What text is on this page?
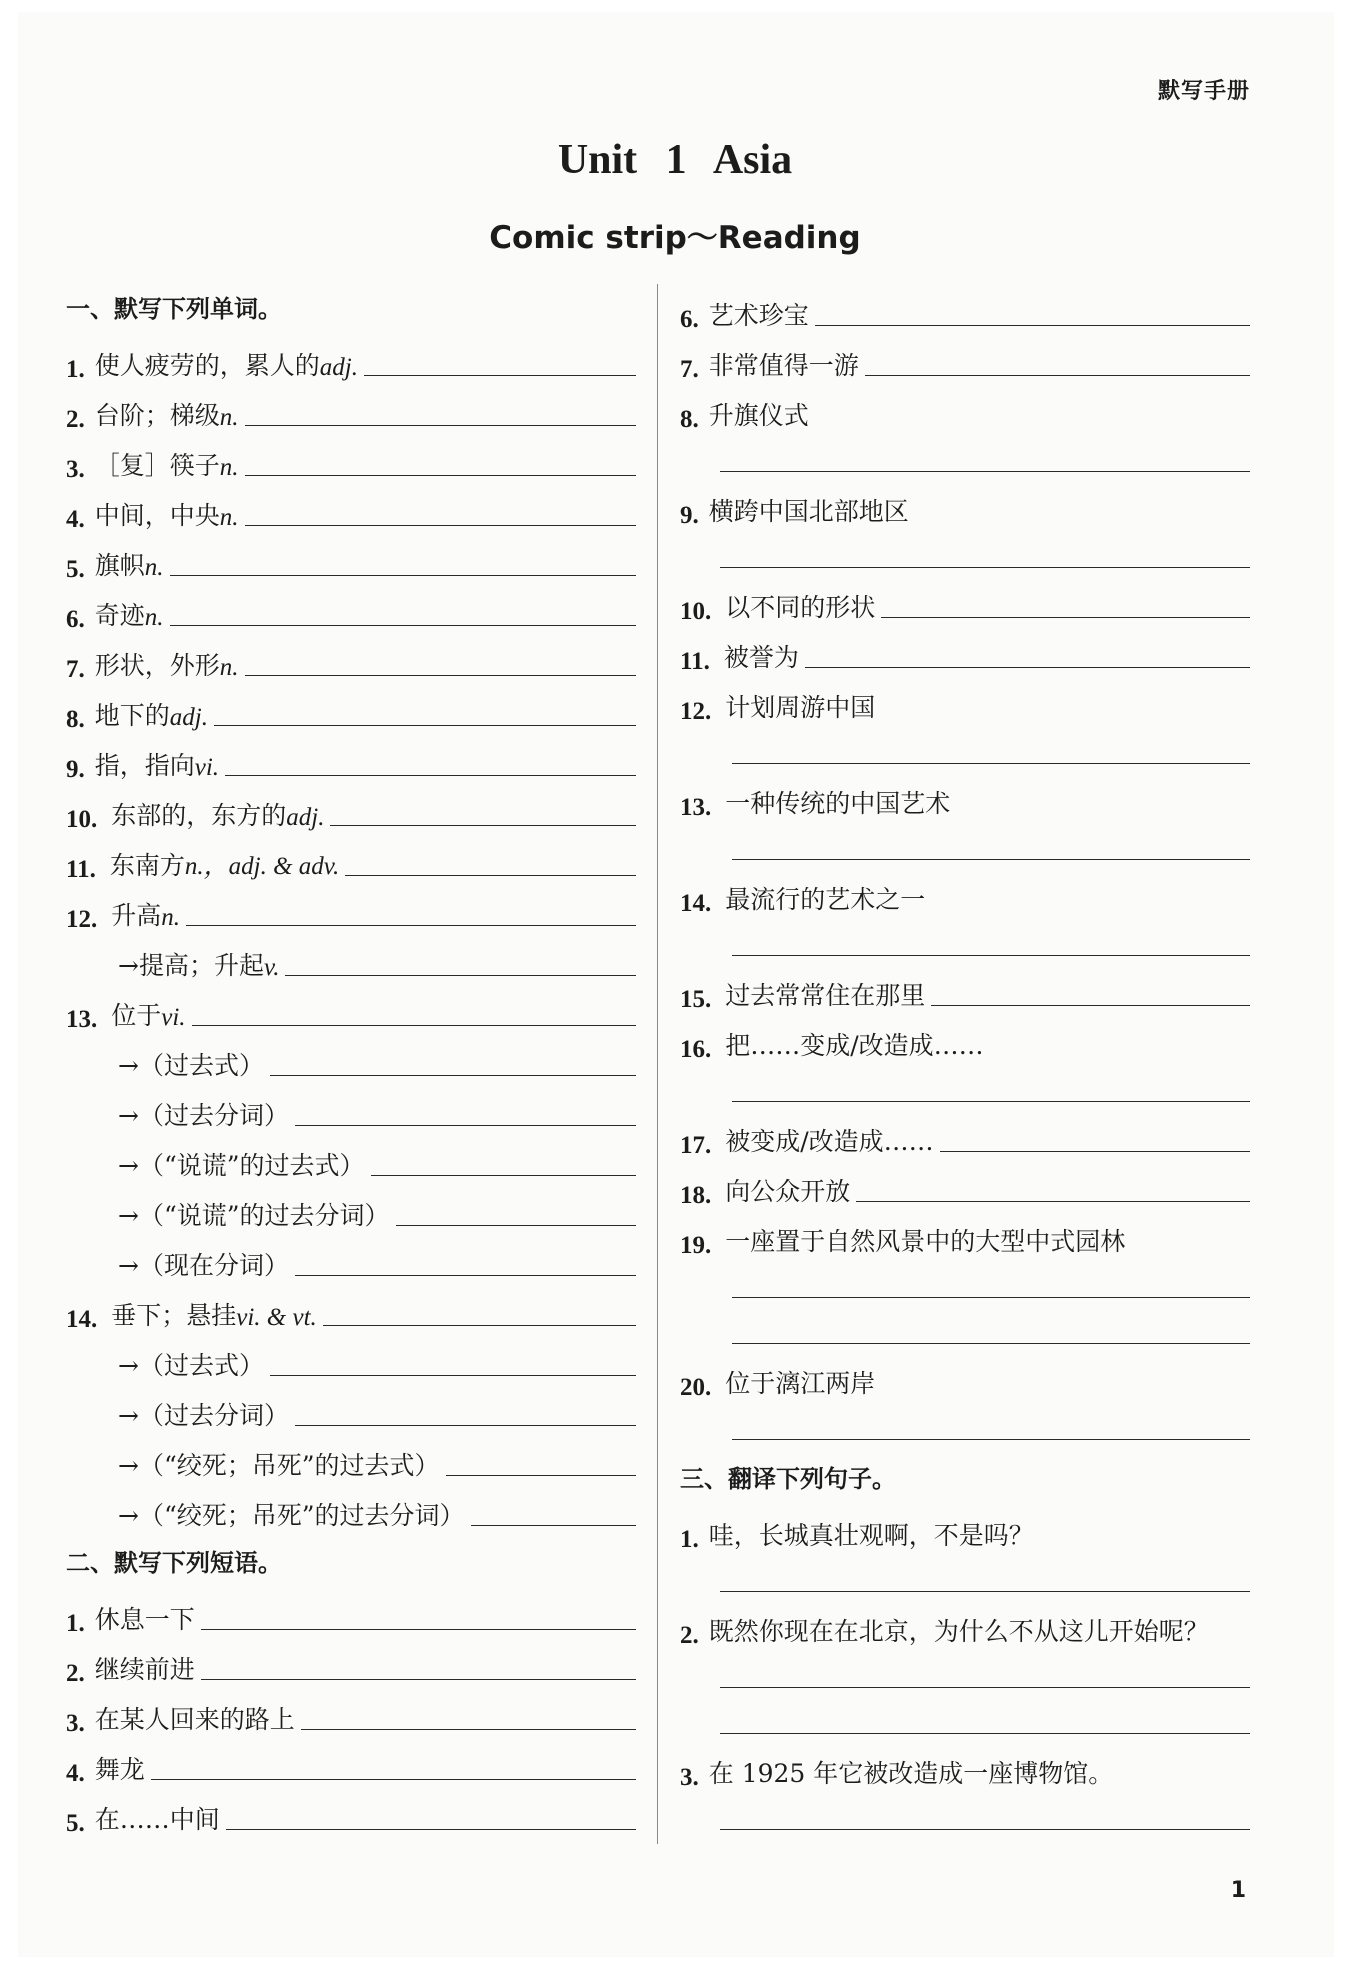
默写手册
Unit 1 Asia
Comic strip～Reading
一、默写下列单词。
1. 使人疲劳的，累人的 adj.
2. 台阶；梯级 n.
3. ［复］筷子 n.
4. 中间，中央 n.
5. 旗帜 n.
6. 奇迹 n.
7. 形状，外形 n.
8. 地下的 adj.
9. 指，指向 vi.
10. 东部的，东方的 adj.
11. 东南方 n.，adj. & adv.
12. 升高 n.
→提高；升起 v.
13. 位于 vi.
→（过去式）
→（过去分词）
→（“说谎”的过去式）
→（“说谎”的过去分词）
→（现在分词）
14. 垂下；悬挂 vi. & vt.
→（过去式）
→（过去分词）
→（“绞死；吊死”的过去式）
→（“绞死；吊死”的过去分词）
二、默写下列短语。
1. 休息一下
2. 继续前进
3. 在某人回来的路上
4. 舞龙
5. 在……中间
6. 艺术珍宝
7. 非常值得一游
8. 升旗仪式
9. 横跨中国北部地区
10. 以不同的形状
11. 被誉为
12. 计划周游中国
13. 一种传统的中国艺术
14. 最流行的艺术之一
15. 过去常常住在那里
16. 把……变成/改造成……
17. 被变成/改造成……
18. 向公众开放
19. 一座置于自然风景中的大型中式园林
20. 位于漓江两岸
三、翻译下列句子。
1. 哇，长城真壮观啊，不是吗？
2. 既然你现在在北京，为什么不从这儿开始呢？
3. 在 1925 年它被改造成一座博物馆。
1
